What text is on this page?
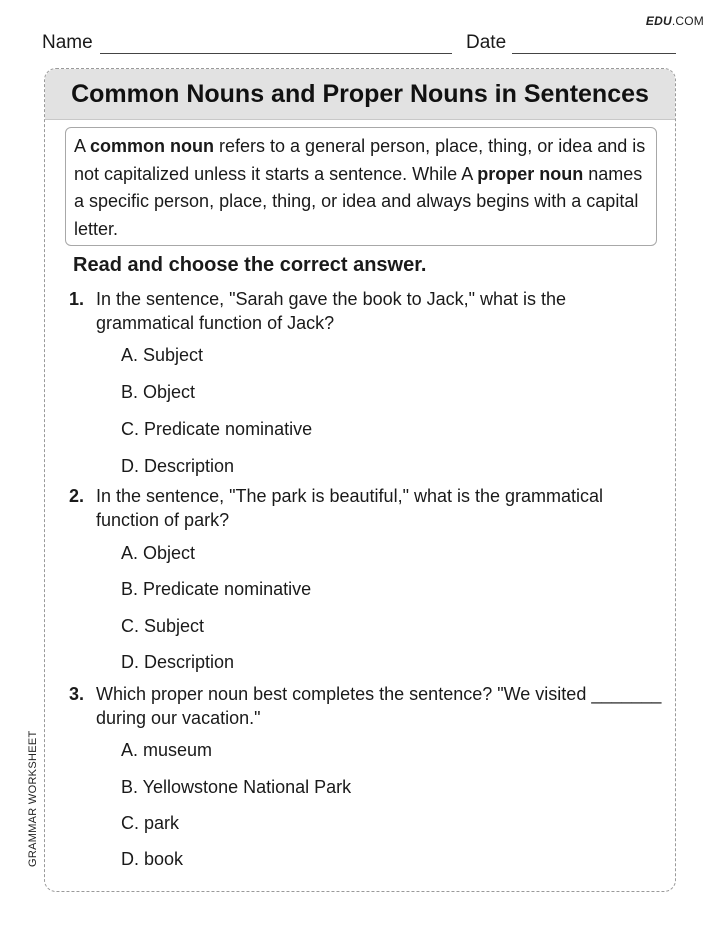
EDU.COM
Name	Date
Common Nouns and Proper Nouns in Sentences
A common noun refers to a general person, place, thing, or idea and is not capitalized unless it starts a sentence. While A proper noun names a specific person, place, thing, or idea and always begins with a capital letter.
Read and choose the correct answer.
1. In the sentence, "Sarah gave the book to Jack," what is the grammatical function of Jack?
A. Subject
B. Object
C. Predicate nominative
D. Description
2. In the sentence, "The park is beautiful," what is the grammatical function of park?
A. Object
B. Predicate nominative
C. Subject
D. Description
3. Which proper noun best completes the sentence? "We visited _______ during our vacation."
A. museum
B. Yellowstone National Park
C. park
D. book
GRAMMAR WORKSHEET
